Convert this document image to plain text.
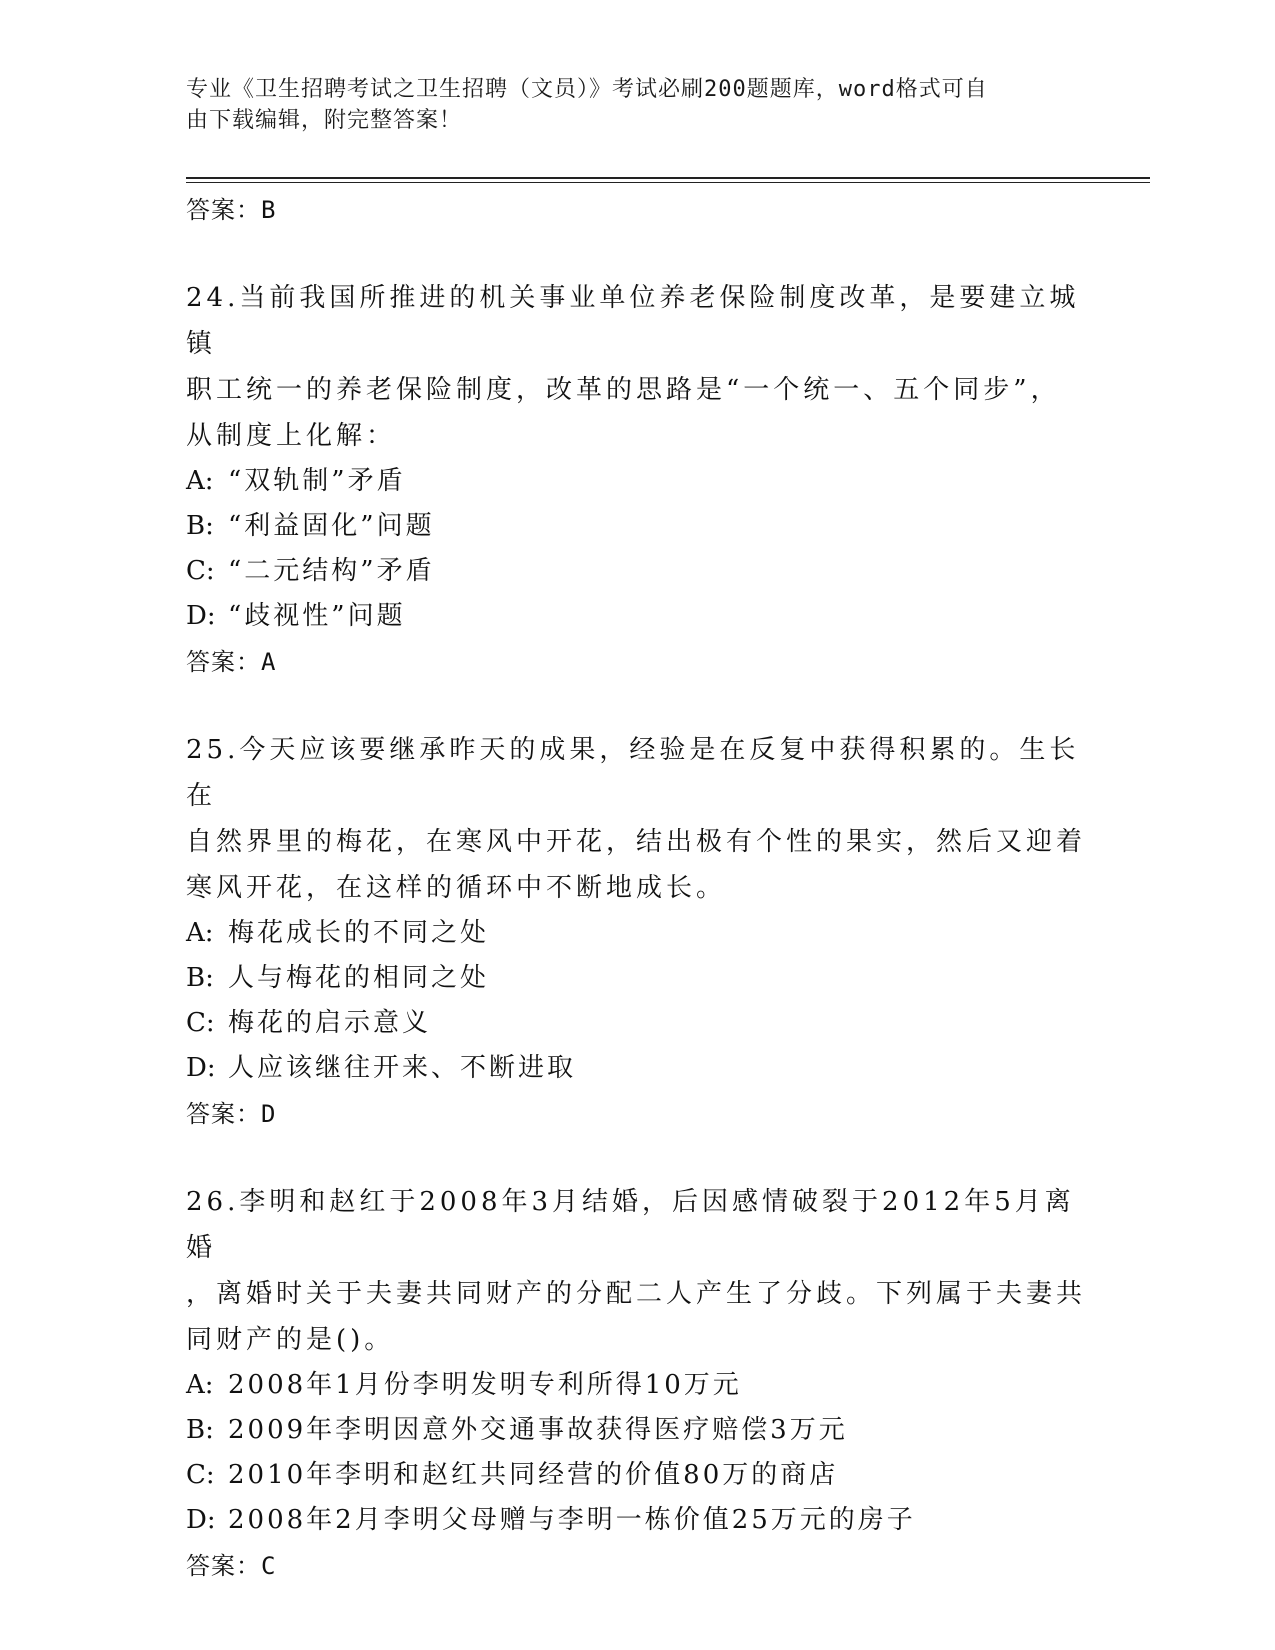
专业《卫生招聘考试之卫生招聘（文员）》考试必刷200题题库，word格式可自
由下载编辑，附完整答案！

答案：B

24.当前我国所推进的机关事业单位养老保险制度改革，是要建立城镇

职工统一的养老保险制度，改革的思路是“一个统一、五个同步”，

从制度上化解：

A: “双轨制”矛盾

B: “利益固化”问题

C: “二元结构”矛盾

D: “歧视性”问题

答案：A

25.今天应该要继承昨天的成果，经验是在反复中获得积累的。生长在

自然界里的梅花，在寒风中开花，结出极有个性的果实，然后又迎着

寒风开花，在这样的循环中不断地成长。

A: 梅花成长的不同之处

B: 人与梅花的相同之处

C: 梅花的启示意义

D: 人应该继往开来、不断进取

答案：D

26.李明和赵红于2008年3月结婚，后因感情破裂于2012年5月离婚

，离婚时关于夫妻共同财产的分配二人产生了分歧。下列属于夫妻共

同财产的是()。

A: 2008年1月份李明发明专利所得10万元

B: 2009年李明因意外交通事故获得医疗赔偿3万元

C: 2010年李明和赵红共同经营的价值80万的商店

D: 2008年2月李明父母赠与李明一栋价值25万元的房子

答案：C
